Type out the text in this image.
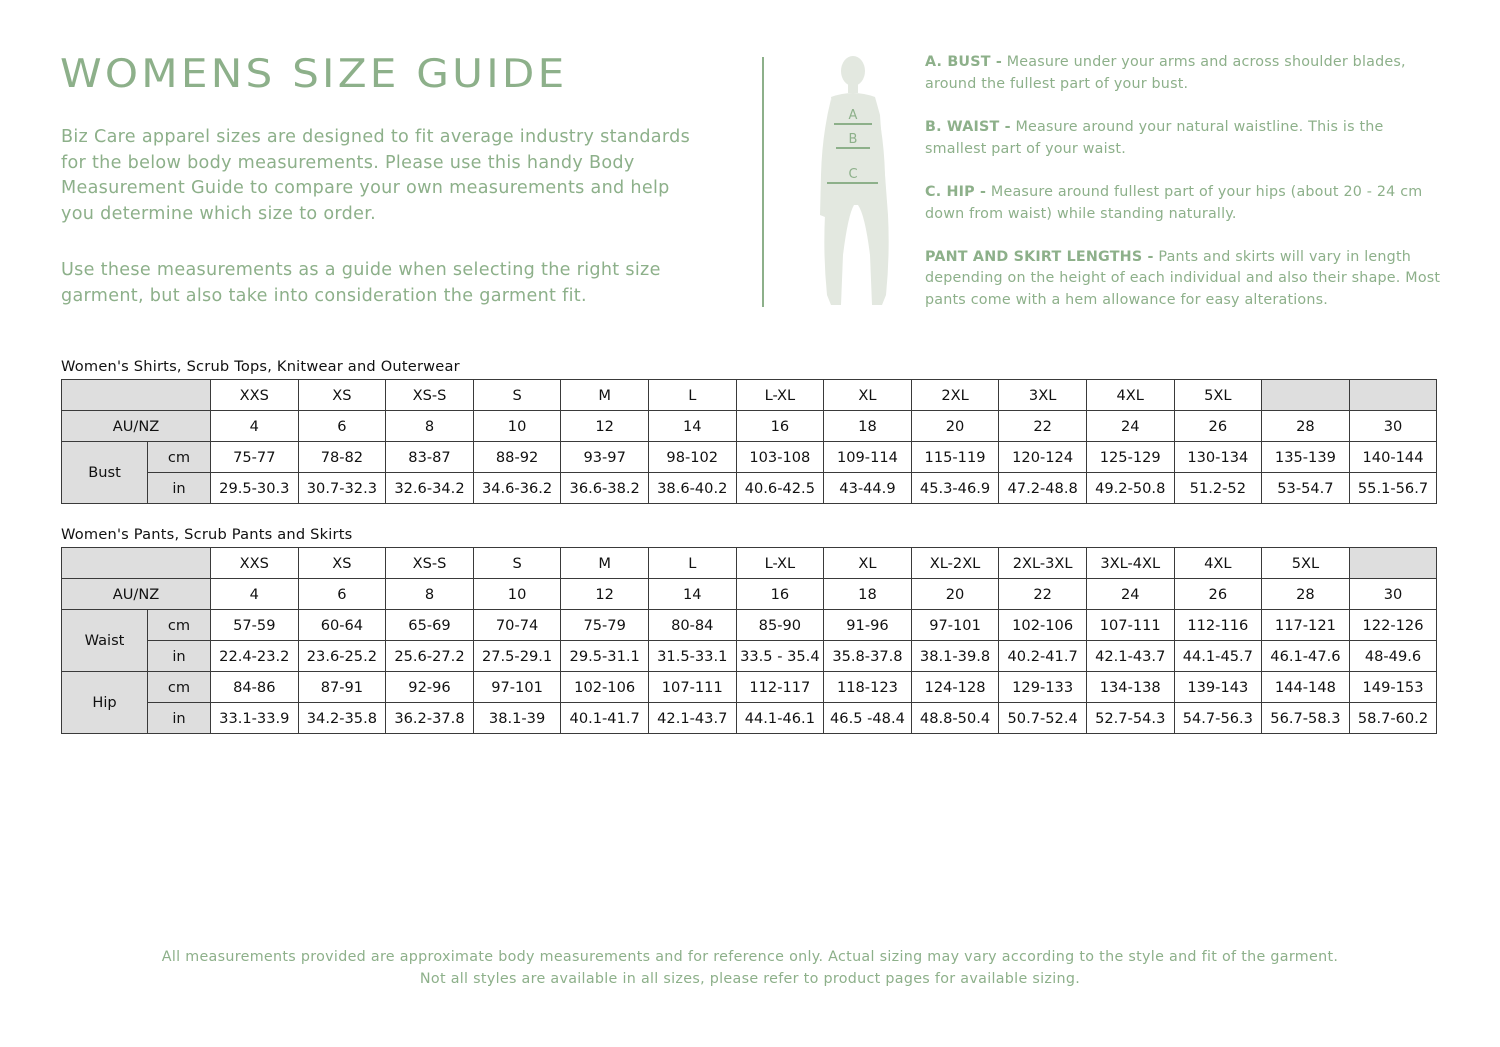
WOMENS SIZE GUIDE

Biz Care apparel sizes are designed to fit average industry standards for the below body measurements. Please use this handy Body Measurement Guide to compare your own measurements and help you determine which size to order.

Use these measurements as a guide when selecting the right size garment, but also take into consideration the garment fit.

A
B
C

A. BUST - Measure under your arms and across shoulder blades, around the fullest part of your bust.

B. WAIST - Measure around your natural waistline. This is the smallest part of your waist.

C. HIP - Measure around fullest part of your hips (about 20 - 24 cm down from waist) while standing naturally.

PANT AND SKIRT LENGTHS - Pants and skirts will vary in length depending on the height of each individual and also their shape. Most pants come with a hem allowance for easy alterations.

Women's Shirts, Scrub Tops, Knitwear and Outerwear

		XXS	XS	XS-S	S	M	L	L-XL	XL	2XL	3XL	4XL	5XL		
AU/NZ		4	6	8	10	12	14	16	18	20	22	24	26	28	30
Bust	cm	75-77	78-82	83-87	88-92	93-97	98-102	103-108	109-114	115-119	120-124	125-129	130-134	135-139	140-144
	in	29.5-30.3	30.7-32.3	32.6-34.2	34.6-36.2	36.6-38.2	38.6-40.2	40.6-42.5	43-44.9	45.3-46.9	47.2-48.8	49.2-50.8	51.2-52	53-54.7	55.1-56.7

Women's Pants, Scrub Pants and Skirts

		XXS	XS	XS-S	S	M	L	L-XL	XL	XL-2XL	2XL-3XL	3XL-4XL	4XL	5XL	
AU/NZ		4	6	8	10	12	14	16	18	20	22	24	26	28	30
Waist	cm	57-59	60-64	65-69	70-74	75-79	80-84	85-90	91-96	97-101	102-106	107-111	112-116	117-121	122-126
	in	22.4-23.2	23.6-25.2	25.6-27.2	27.5-29.1	29.5-31.1	31.5-33.1	33.5 - 35.4	35.8-37.8	38.1-39.8	40.2-41.7	42.1-43.7	44.1-45.7	46.1-47.6	48-49.6
Hip	cm	84-86	87-91	92-96	97-101	102-106	107-111	112-117	118-123	124-128	129-133	134-138	139-143	144-148	149-153
	in	33.1-33.9	34.2-35.8	36.2-37.8	38.1-39	40.1-41.7	42.1-43.7	44.1-46.1	46.5 -48.4	48.8-50.4	50.7-52.4	52.7-54.3	54.7-56.3	56.7-58.3	58.7-60.2

All measurements provided are approximate body measurements and for reference only. Actual sizing may vary according to the style and fit of the garment.

Not all styles are available in all sizes, please refer to product pages for available sizing.
